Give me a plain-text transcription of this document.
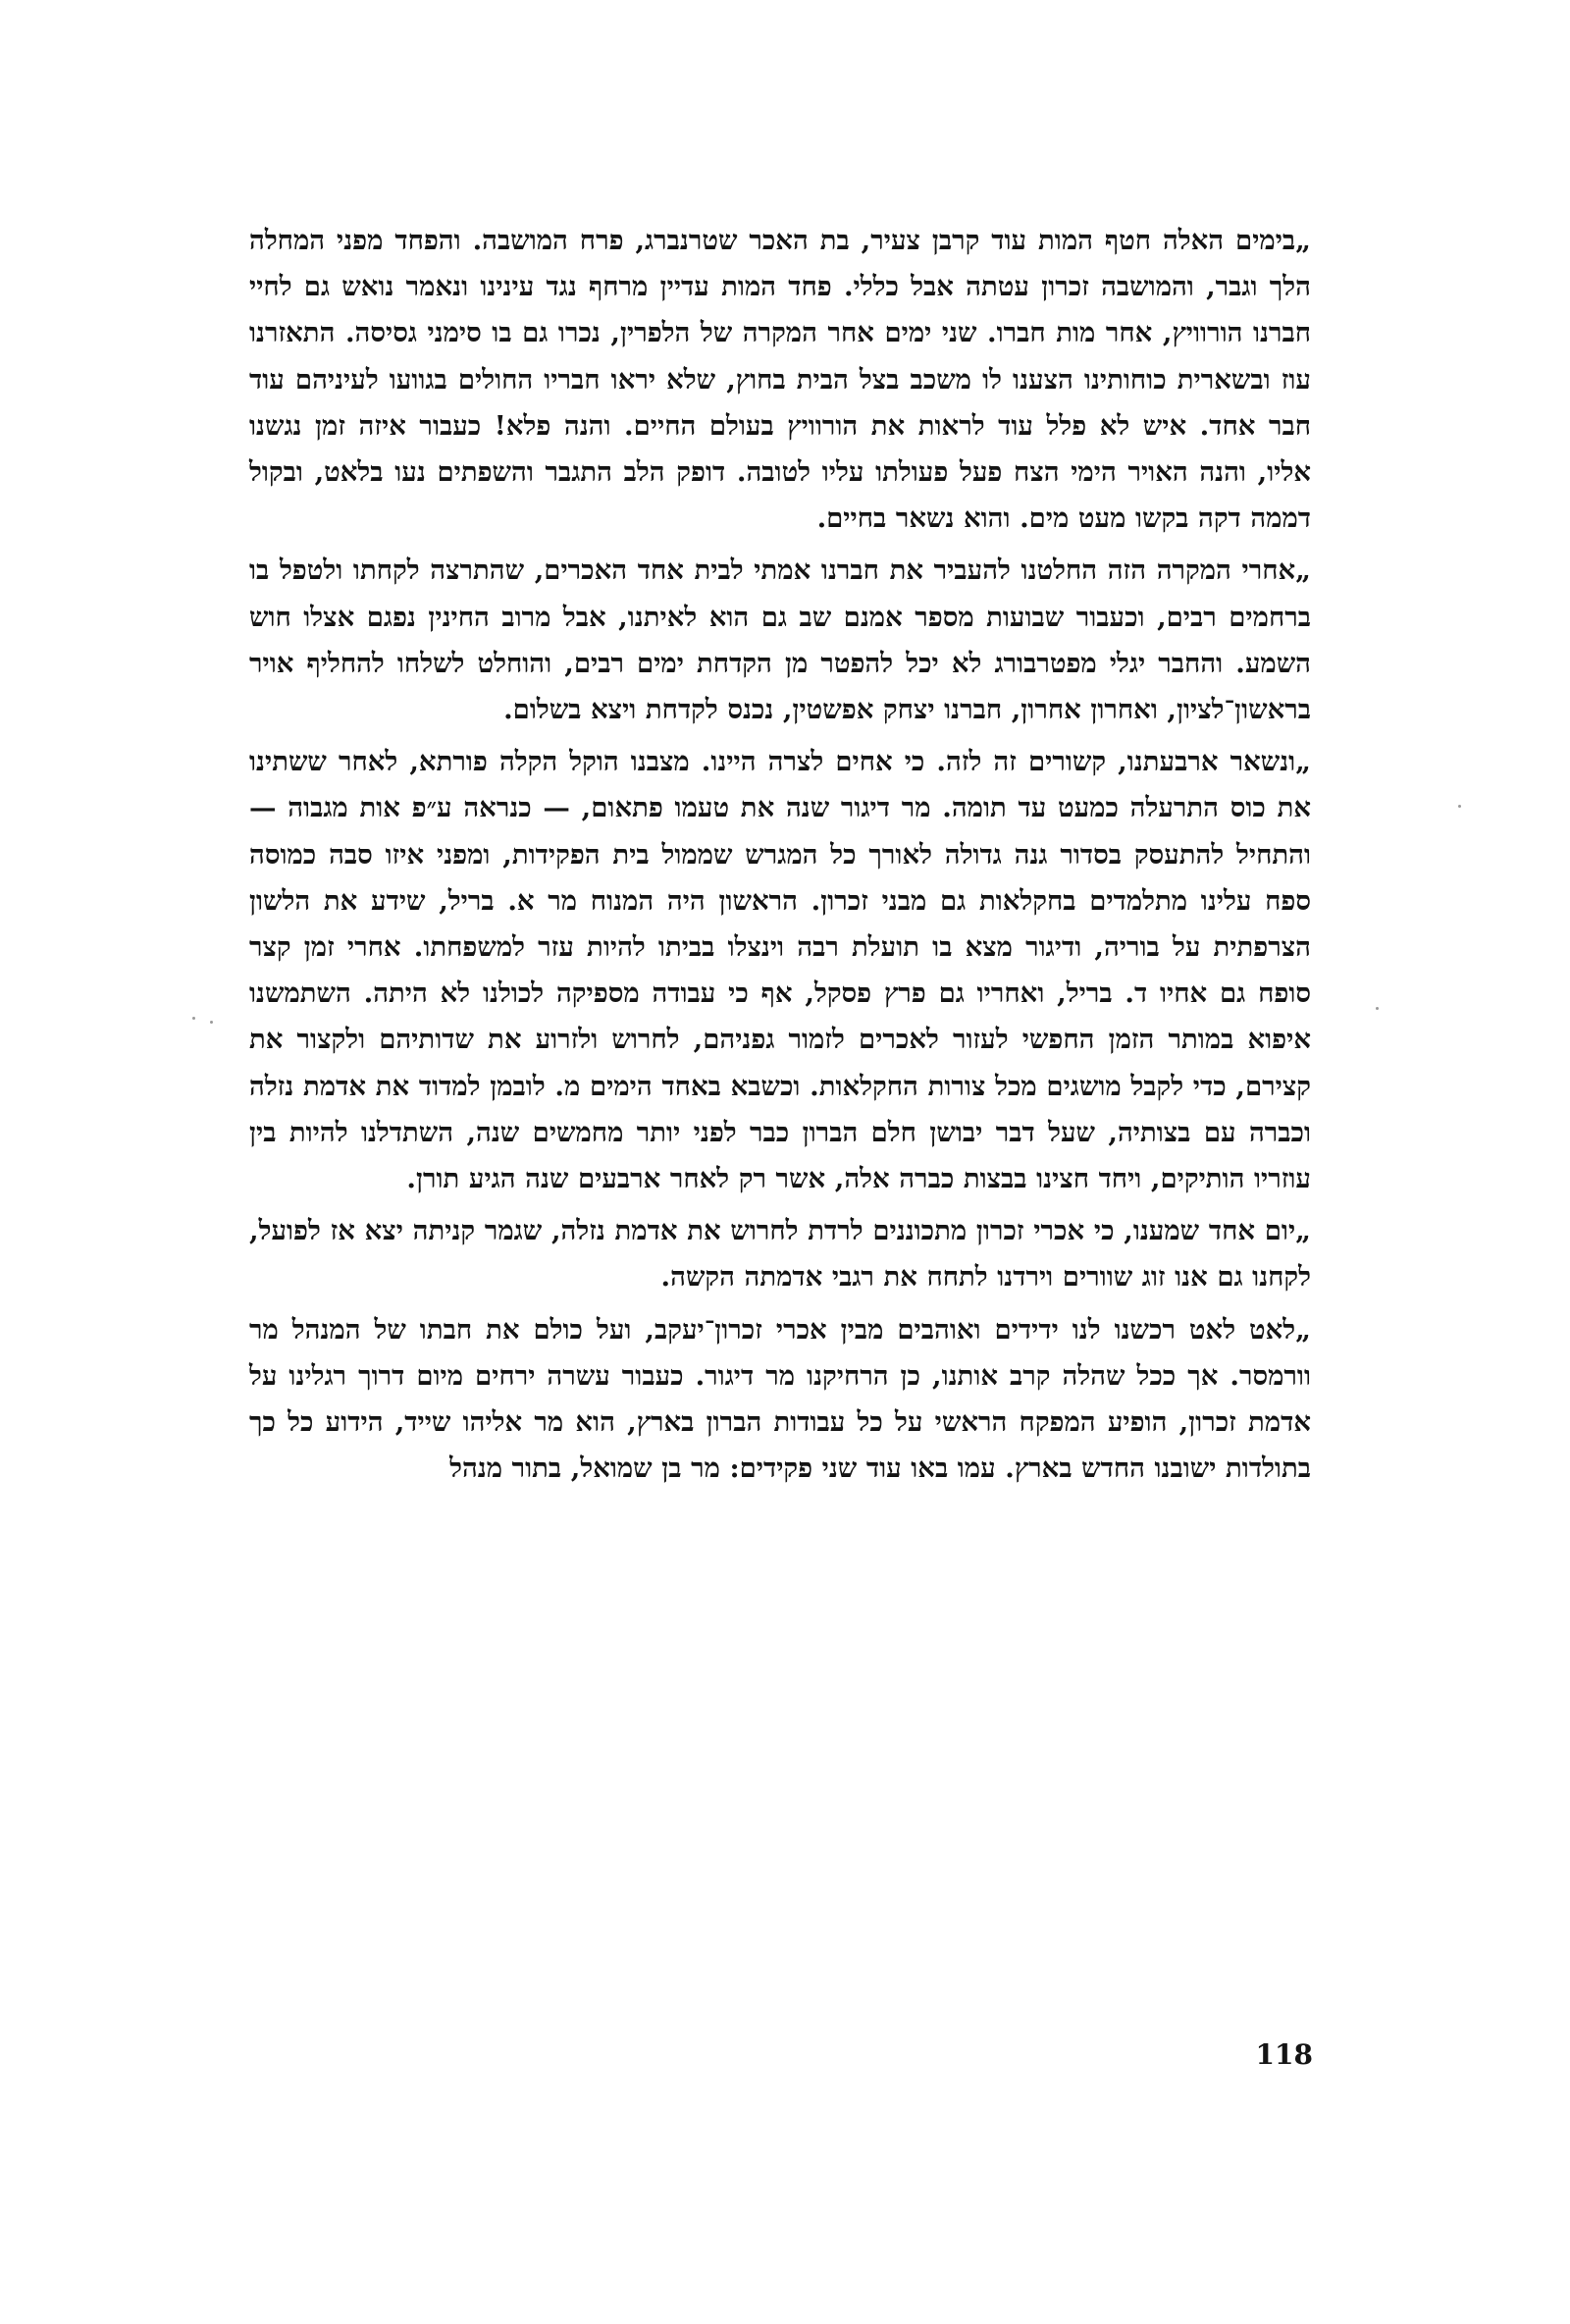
„בימים האלה חטף המות עוד קרבן צעיר, בת האכר שטרנברג, פרח המושבה. והפחד מפני המחלה הלך וגבר, והמושבה זכרון עטתה אבל כללי. פחד המות עדיין מרחף נגד עינינו ונאמר נואש גם לחיי חברנו הורוויץ, אחר מות חברו. שני ימים אחר המקרה של הלפרין, נכרו גם בו סימני גסיסה. התאזרנו עוז ובשארית כוחותינו הצענו לו משכב בצל הבית בחוץ, שלא יראו חבריו החולים בגוועו לעיניהם עוד חבר אחד. איש לא פלל עוד לראות את הורוויץ בעולם החיים. והנה פלא! כעבור איזה זמן נגשנו אליו, והנה האויר הימי הצח פעל פעולתו עליו לטובה. דופק הלב התגבר והשפתים נעו בלאט, ובקול דממה דקה בקשו מעט מים. והוא נשאר בחיים.

„אחרי המקרה הזה החלטנו להעביר את חברנו אמתי לבית אחד האכרים, שהתרצה לקחתו ולטפל בו ברחמים רבים, וכעבור שבועות מספר אמנם שב גם הוא לאיתנו, אבל מרוב החינין נפגם אצלו חוש השמע. והחבר יגלי מפטרבורג לא יכל להפטר מן הקדחת ימים רבים, והוחלט לשלחו להחליף אויר בראשון־לציון, ואחרון אחרון, חברנו יצחק אפשטין, נכנס לקדחת ויצא בשלום.

„ונשאר ארבעתנו, קשורים זה לזה. כי אחים לצרה היינו. מצבנו הוקל הקלה פורתא, לאחר ששתינו את כוס התרעלה כמעט עד תומה. מר דיגור שנה את טעמו פתאום, — כנראה ע״פ אות מגבוה — והתחיל להתעסק בסדור גנה גדולה לאורך כל המגרש שממול בית הפקידות, ומפני איזו סבה כמוסה ספח עלינו מתלמדים בחקלאות גם מבני זכרון. הראשון היה המנוח מר א. בריל, שידע את הלשון הצרפתית על בוריה, ודיגור מצא בו תועלת רבה וינצלו בביתו להיות עזר למשפחתו. אחרי זמן קצר סופח גם אחיו ד. בריל, ואחריו גם פרץ פסקל, אף כי עבודה מספיקה לכולנו לא היתה. השתמשנו איפוא במותר הזמן החפשי לעזור לאכרים לזמור גפניהם, לחרוש ולזרוע את שדותיהם ולקצור את קצירם, כדי לקבל מושגים מכל צורות החקלאות. וכשבא באחד הימים מ. לובמן למדוד את אדמת נזלה וכברה עם בצותיה, שעל דבר יבושן חלם הברון כבר לפני יותר מחמשים שנה, השתדלנו להיות בין עוזריו הותיקים, ויחד חצינו בבצות כברה אלה, אשר רק לאחר ארבעים שנה הגיע תורן.

„יום אחד שמענו, כי אכרי זכרון מתכוננים לרדת לחרוש את אדמת נזלה, שגמר קניתה יצא אז לפועל, לקחנו גם אנו זוג שוורים וירדנו לתחח את רגבי אדמתה הקשה.

„לאט לאט רכשנו לנו ידידים ואוהבים מבין אכרי זכרון־יעקב, ועל כולם את חבתו של המנהל מר וורמסר. אך ככל שהלה קרב אותנו, כן הרחיקנו מר דיגור. כעבור עשרה ירחים מיום דרוך רגלינו על אדמת זכרון, הופיע המפקח הראשי על כל עבודות הברון בארץ, הוא מר אליהו שייד, הידוע כל כך בתולדות ישובנו החדש בארץ. עמו באו עוד שני פקידים: מר בן שמואל, בתור מנהל

118
